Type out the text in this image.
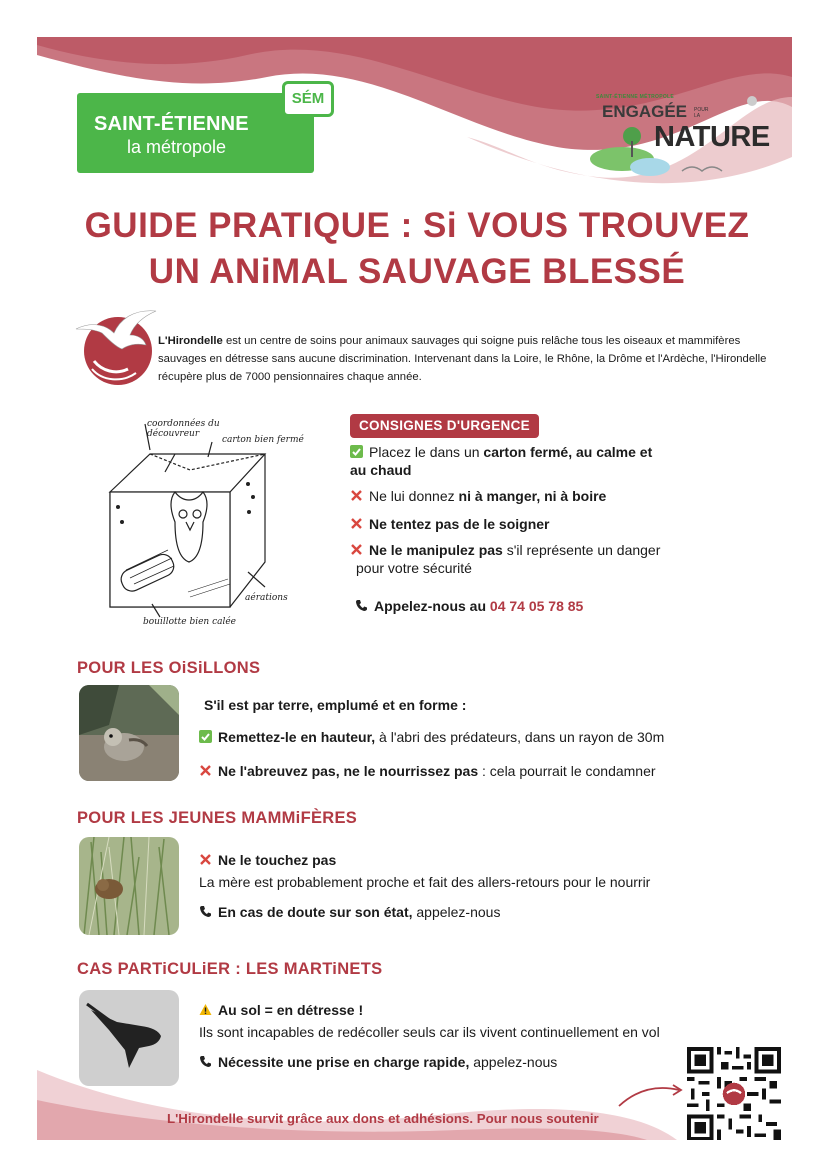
SAINT-ÉTIENNE
la métropole
SÉM	SAINT-ÉTIENNE MÉTROPOLE
ENGAGÉE POUR
LA
NATURE
GUIDE PRATIQUE : Si VOUS TROUVEZ
UN ANiMAL SAUVAGE BLESSÉ

L'Hirondelle est un centre de soins pour animaux sauvages qui soigne puis relâche tous les oiseaux et mammifères sauvages en détresse sans aucune discrimination. Intervenant dans la Loire, le Rhône, la Drôme et l'Ardèche, l'Hirondelle récupère plus de 7000 pensionnaires chaque année.

coordonnées du découvreur
carton bien fermé
aérations
bouillotte bien calée
CONSIGNES D'URGENCE
Placez le dans un carton fermé, au calme et
au chaud
Ne lui donnez ni à manger, ni à boire
Ne tentez pas de le soigner
Ne le manipulez pas s'il représente un danger
pour votre sécurité
Appelez-nous au 04 74 05 78 85
POUR LES OiSiLLONS
S'il est par terre, emplumé et en forme :
Remettez-le en hauteur, à l'abri des prédateurs, dans un rayon de 30m
Ne l'abreuvez pas, ne le nourrissez pas : cela pourrait le condamner
POUR LES JEUNES MAMMiFÈRES
Ne le touchez pas
La mère est probablement proche et fait des allers-retours pour le nourrir
En cas de doute sur son état, appelez-nous
CAS PARTiCULiER : LES MARTiNETS
Au sol = en détresse !
Ils sont incapables de redécoller seuls car ils vivent continuellement en vol
Nécessite une prise en charge rapide, appelez-nous
L'Hirondelle survit grâce aux dons et adhésions. Pour nous soutenir
